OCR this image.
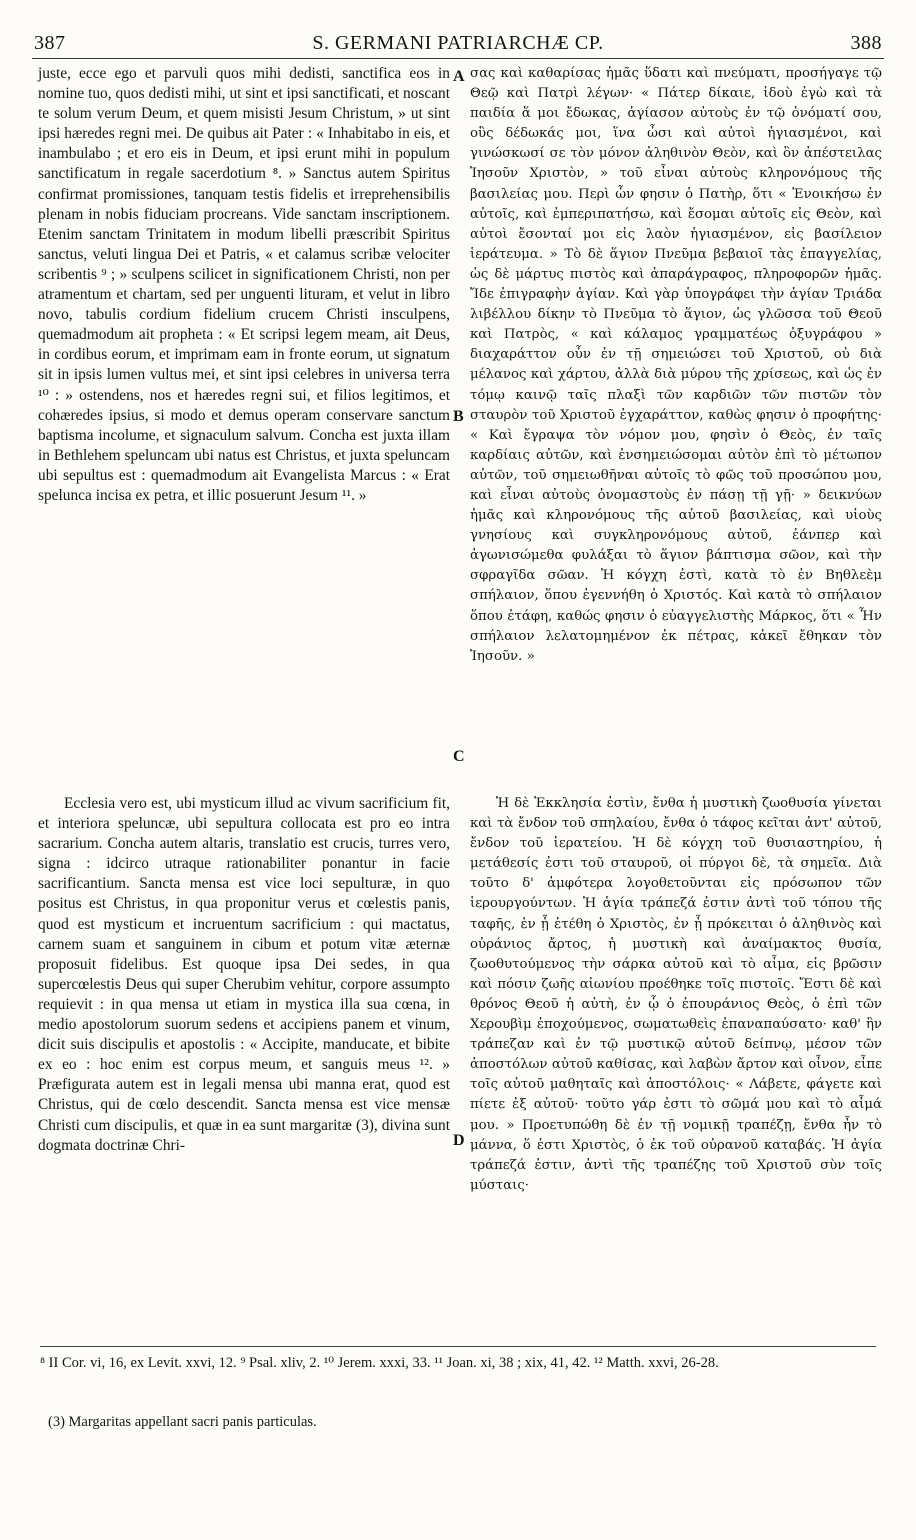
387	S. GERMANI PATRIARCHÆ CP.	388

juste, ecce ego et parvuli quos mihi dedisti, sanctifica eos in nomine tuo, quos dedisti mihi, ut sint et ipsi sanctificati, et noscant te solum verum Deum, et quem misisti Jesum Christum, » ut sint ipsi hæredes regni mei. De quibus ait Pater : « Inhabitabo in eis, et inambulabo ; et ero eis in Deum, et ipsi erunt mihi in populum sanctificatum in regale sacerdotium ⁸. » Sanctus autem Spiritus confirmat promissiones, tanquam testis fidelis et irreprehensibilis plenam in nobis fiduciam procreans. Vide sanctam inscriptionem. Etenim sanctam Trinitatem in modum libelli præscribit Spiritus sanctus, veluti lingua Dei et Patris, « et calamus scribæ velociter scribentis ⁹ ; » sculpens scilicet in significationem Christi, non per atramentum et chartam, sed per unguenti lituram, et velut in libro novo, tabulis cordium fidelium crucem Christi insculpens, quemadmodum ait propheta : « Et scripsi legem meam, ait Deus, in cordibus eorum, et imprimam eam in fronte eorum, ut signatum sit in ipsis lumen vultus mei, et sint ipsi celebres in universa terra ¹⁰ : » ostendens, nos et hæredes regni sui, et filios legitimos, et cohæredes ipsius, si modo et demus operam conservare sanctum baptisma incolume, et signaculum salvum. Concha est juxta illam in Bethlehem speluncam ubi natus est Christus, et juxta speluncam ubi sepultus est : quemadmodum ait Evangelista Marcus : « Erat spelunca incisa ex petra, et illic posuerunt Jesum ¹¹. »

σας καὶ καθαρίσας ἡμᾶς ὕδατι καὶ πνεύματι, προσήγαγε τῷ Θεῷ καὶ Πατρὶ λέγων· « Πάτερ δίκαιε, ἰδοὺ ἐγὼ καὶ τὰ παιδία ἅ μοι ἔδωκας, ἁγίασον αὐτοὺς ἐν τῷ ὀνόματί σου, οὓς δέδωκάς μοι, ἵνα ὦσι καὶ αὐτοὶ ἡγιασμένοι, καὶ γινώσκωσί σε τὸν μόνον ἀληθινὸν Θεὸν, καὶ ὃν ἀπέστειλας Ἰησοῦν Χριστὸν, » τοῦ εἶναι αὐτοὺς κληρονόμους τῆς βασιλείας μου. Περὶ ὧν φησιν ὁ Πατὴρ, ὅτι « Ἐνοικήσω ἐν αὐτοῖς, καὶ ἐμπεριπατήσω, καὶ ἔσομαι αὐτοῖς εἰς Θεὸν, καὶ αὐτοὶ ἔσονταί μοι εἰς λαὸν ἡγιασμένον, εἰς βασίλειον ἱεράτευμα. » Τὸ δὲ ἅγιον Πνεῦμα βεβαιοῖ τὰς ἐπαγγελίας, ὡς δὲ μάρτυς πιστὸς καὶ ἀπαράγραφος, πληροφορῶν ἡμᾶς. Ἴδε ἐπιγραφὴν ἁγίαν. Καὶ γὰρ ὑπογράφει τὴν ἁγίαν Τριάδα λιβέλλου δίκην τὸ Πνεῦμα τὸ ἅγιον, ὡς γλῶσσα τοῦ Θεοῦ καὶ Πατρὸς, « καὶ κάλαμος γραμματέως ὀξυγράφου » διαχαράττον οὖν ἐν τῇ σημειώσει τοῦ Χριστοῦ, οὐ διὰ μέλανος καὶ χάρτου, ἀλλὰ διὰ μύρου τῆς χρίσεως, καὶ ὡς ἐν τόμῳ καινῷ ταῖς πλαξὶ τῶν καρδιῶν τῶν πιστῶν τὸν σταυρὸν τοῦ Χριστοῦ ἐγχαράττον, καθὼς φησιν ὁ προφήτης· « Καὶ ἔγραψα τὸν νόμον μου, φησὶν ὁ Θεὸς, ἐν ταῖς καρδίαις αὐτῶν, καὶ ἐνσημειώσομαι αὐτὸν ἐπὶ τὸ μέτωπον αὐτῶν, τοῦ σημειωθῆναι αὐτοῖς τὸ φῶς τοῦ προσώπου μου, καὶ εἶναι αὐτοὺς ὀνομαστοὺς ἐν πάσῃ τῇ γῇ· » δεικνύων ἡμᾶς καὶ κληρονόμους τῆς αὐτοῦ βασιλείας, καὶ υἱοὺς γνησίους καὶ συγκληρονόμους αὐτοῦ, ἐάνπερ καὶ ἀγωνισώμεθα φυλάξαι τὸ ἅγιον βάπτισμα σῶον, καὶ τὴν σφραγῖδα σῶαν. Ἡ κόγχη ἐστὶ, κατὰ τὸ ἐν Βηθλεὲμ σπήλαιον, ὅπου ἐγεννήθη ὁ Χριστός. Καὶ κατὰ τὸ σπήλαιον ὅπου ἐτάφη, καθώς φησιν ὁ εὐαγγελιστὴς Μάρκος, ὅτι « Ἦν σπήλαιον λελατομημένον ἐκ πέτρας, κἀκεῖ ἔθηκαν τὸν Ἰησοῦν. »

A
B
C
D

Ecclesia vero est, ubi mysticum illud ac vivum sacrificium fit, et interiora speluncæ, ubi sepultura collocata est pro eo intra sacrarium. Concha autem altaris, translatio est crucis, turres vero, signa : idcirco utraque rationabiliter ponantur in facie sacrificantium. Sancta mensa est vice loci sepulturæ, in quo positus est Christus, in qua proponitur verus et cœlestis panis, quod est mysticum et incruentum sacrificium : qui mactatus, carnem suam et sanguinem in cibum et potum vitæ æternæ proposuit fidelibus. Est quoque ipsa Dei sedes, in qua supercœlestis Deus qui super Cherubim vehitur, corpore assumpto requievit : in qua mensa ut etiam in mystica illa sua cœna, in medio apostolorum suorum sedens et accipiens panem et vinum, dicit suis discipulis et apostolis : « Accipite, manducate, et bibite ex eo : hoc enim est corpus meum, et sanguis meus ¹². » Præfigurata autem est in legali mensa ubi manna erat, quod est Christus, qui de cœlo descendit. Sancta mensa est vice mensæ Christi cum discipulis, et quæ in ea sunt margaritæ (3), divina sunt dogmata doctrinæ Chri-

Ἡ δὲ Ἐκκλησία ἐστὶν, ἔνθα ἡ μυστικὴ ζωοθυσία γίνεται καὶ τὰ ἔνδον τοῦ σπηλαίου, ἔνθα ὁ τάφος κεῖται ἀντ' αὐτοῦ, ἔνδον τοῦ ἱερατείου. Ἡ δὲ κόγχη τοῦ θυσιαστηρίου, ἡ μετάθεσίς ἐστι τοῦ σταυροῦ, οἱ πύργοι δὲ, τὰ σημεῖα. Διὰ τοῦτο δ' ἀμφότερα λογοθετοῦνται εἰς πρόσωπον τῶν ἱερουργούντων. Ἡ ἁγία τράπεζά ἐστιν ἀντὶ τοῦ τόπου τῆς ταφῆς, ἐν ᾗ ἐτέθη ὁ Χριστὸς, ἐν ᾗ πρόκειται ὁ ἀληθινὸς καὶ οὐράνιος ἄρτος, ἡ μυστικὴ καὶ ἀναίμακτος θυσία, ζωοθυτούμενος τὴν σάρκα αὐτοῦ καὶ τὸ αἷμα, εἰς βρῶσιν καὶ πόσιν ζωῆς αἰωνίου προέθηκε τοῖς πιστοῖς. Ἔστι δὲ καὶ θρόνος Θεοῦ ἡ αὐτὴ, ἐν ᾧ ὁ ἐπουράνιος Θεὸς, ὁ ἐπὶ τῶν Χερουβὶμ ἐποχούμενος, σωματωθεὶς ἐπαναπαύσατο· καθ' ἣν τράπεζαν καὶ ἐν τῷ μυστικῷ αὐτοῦ δείπνῳ, μέσον τῶν ἀποστόλων αὐτοῦ καθίσας, καὶ λαβὼν ἄρτον καὶ οἶνον, εἶπε τοῖς αὐτοῦ μαθηταῖς καὶ ἀποστόλοις· « Λάβετε, φάγετε καὶ πίετε ἐξ αὐτοῦ· τοῦτο γάρ ἐστι τὸ σῶμά μου καὶ τὸ αἷμά μου. » Προετυπώθη δὲ ἐν τῇ νομικῇ τραπέζῃ, ἔνθα ἦν τὸ μάννα, ὅ ἐστι Χριστὸς, ὁ ἐκ τοῦ οὐρανοῦ καταβάς. Ἡ ἁγία τράπεζά ἐστιν, ἀντὶ τῆς τραπέζης τοῦ Χριστοῦ σὺν τοῖς μύσταις·

⁸ II Cor. vi, 16, ex Levit. xxvi, 12. ⁹ Psal. xliv, 2. ¹⁰ Jerem. xxxi, 33. ¹¹ Joan. xi, 38 ; xix, 41, 42. ¹² Matth. xxvi, 26-28.

(3) Margaritas appellant sacri panis particulas.
